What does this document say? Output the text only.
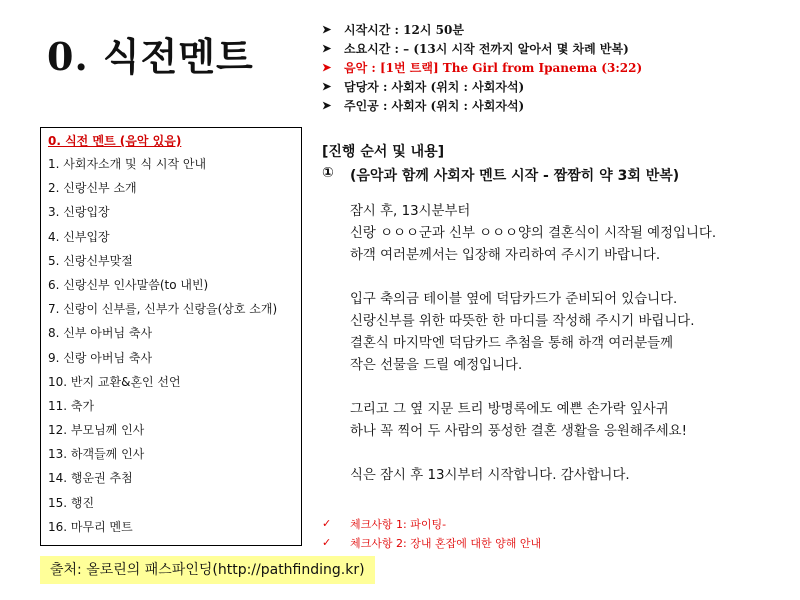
0. 식전멘트
➤	시작시간 : 12시 50분
➤	소요시간 : – (13시 시작 전까지 알아서 몇 차례 반복)
➤	음악 : [1번 트랙] The Girl from Ipanema (3:22)
➤	담당자 : 사회자 (위치 : 사회자석)
➤	주인공 : 사회자 (위치 : 사회자석)
0. 식전 멘트 (음악 있음)
1. 사회자소개 및 식 시작 안내
2. 신랑신부 소개
3. 신랑입장
4. 신부입장
5. 신랑신부맞절
6. 신랑신부 인사말씀(to 내빈)
7. 신랑이 신부를, 신부가 신랑을(상호 소개)
8. 신부 아버님 축사
9. 신랑 아버님 축사
10. 반지 교환&혼인 선언
11. 축가
12. 부모님께 인사
13. 하객들께 인사
14. 행운권 추첨
15. 행진
16. 마무리 멘트
[진행 순서 및 내용]
①	(음악과 함께 사회자 멘트 시작 - 짬짬히 약 3회 반복)
잠시 후, 13시분부터
신랑 ㅇㅇㅇ군과 신부 ㅇㅇㅇ양의 결혼식이 시작될 예정입니다.
하객 여러분께서는 입장해 자리하여 주시기 바랍니다.
입구 축의금 테이블 옆에 덕담카드가 준비되어 있습니다.
신랑신부를 위한 따뜻한 한 마디를 작성해 주시기 바립니다.
결혼식 마지막엔 덕담카드 추첨을 통해 하객 여러분들께
작은 선물을 드릴 예정입니다.
그리고 그 옆 지문 트리 방명록에도 예쁜 손가락 잎사귀
하나 꼭 찍어 두 사람의 풍성한 결혼 생활을 응원해주세요!
식은 잠시 후 13시부터 시작합니다. 감사합니다.
✓	체크사항 1: 파이팅-
✓	체크사항 2: 장내 혼잡에 대한 양해 안내
출처: 올로린의 패스파인딩(http://pathfinding.kr)
